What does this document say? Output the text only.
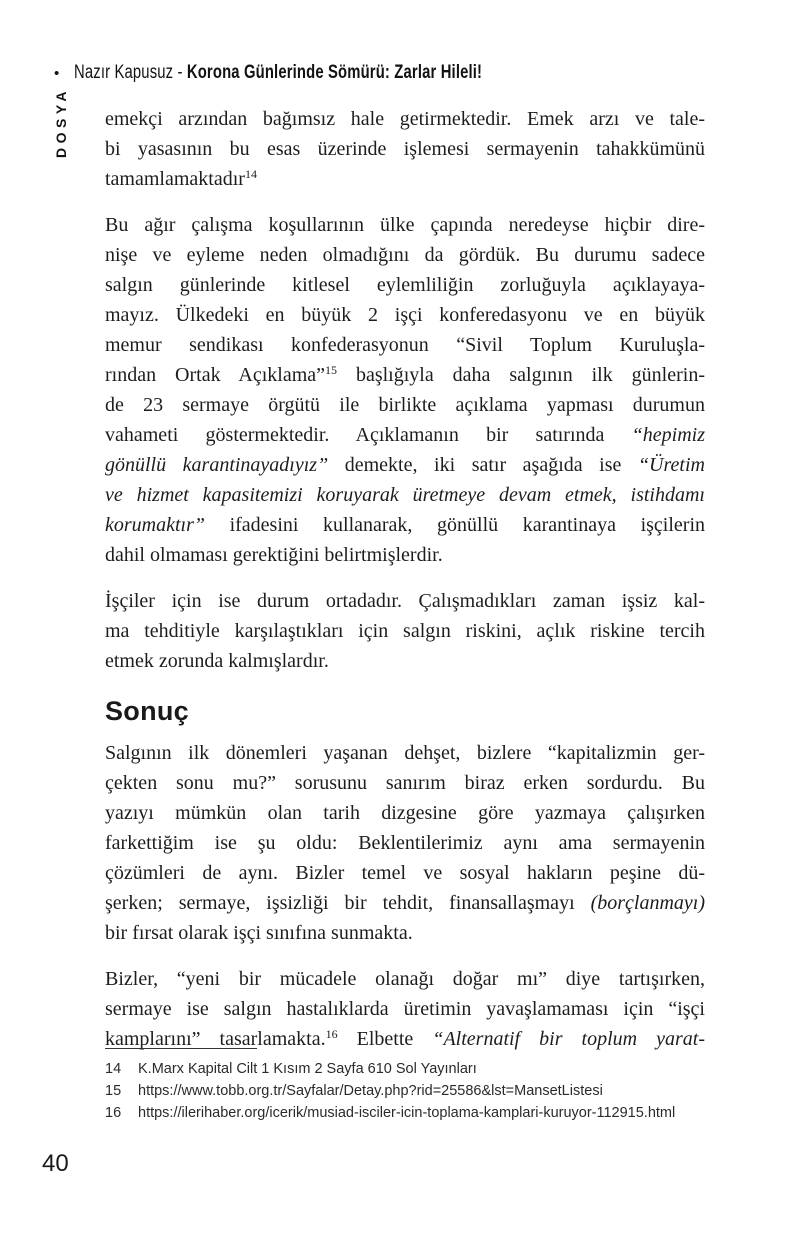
• Nazır Kapusuz - Korona Günlerinde Sömürü: Zarlar Hileli!
DOSYA emekçi arzından bağımsız hale getirmektedir. Emek arzı ve tale-
bi yasasının bu esas üzerinde işlemesi sermayenin tahakkümünü
tamamlamaktadır$^{14}$
Bu ağır çalışma koşullarının ülke çapında neredeyse hiçbir dire-
nişe ve eyleme neden olmadığını da gördük. Bu durumu sadece
salgın günlerinde kitlesel eylemliliğin zorluğuyla açıklayaya-
mayız. Ülkedeki en büyük 2 işçi konferedasyonu ve en büyük
memur sendikası konfederasyonun “Sivil Toplum Kuruluşla-
rından Ortak Açıklama”$^{15}$ başlığıyla daha salgının ilk günlerin-
de 23 sermaye örgütü ile birlikte açıklama yapması durumun
vahameti göstermektedir. Açıklamanın bir satırında “hepimiz
gönüllü karantinayadıyız” demekte, iki satır aşağıda ise “Üretim
ve hizmet kapasitemizi koruyarak üretmeye devam etmek, istihdamı
korumaktır” ifadesini kullanarak, gönüllü karantinaya işçilerin
dahil olmaması gerektiğini belirtmişlerdir.
İşçiler için ise durum ortadadır. Çalışmadıkları zaman işsiz kal-
ma tehditiyle karşılaştıkları için salgın riskini, açlık riskine tercih
etmek zorunda kalmışlardır.
Sonuç
Salgının ilk dönemleri yaşanan dehşet, bizlere “kapitalizmin ger-
çekten sonu mu?” sorusunu sanırım biraz erken sordurdu. Bu
yazıyı mümkün olan tarih dizgesine göre yazmaya çalışırken
farkettiğim ise şu oldu: Beklentilerimiz aynı ama sermayenin
çözümleri de aynı. Bizler temel ve sosyal hakların peşine dü-
şerken; sermaye, işsizliği bir tehdit, finansallaşmayı (borçlanmayı)
bir fırsat olarak işçi sınıfına sunmakta.
Bizler, “yeni bir mücadele olanağı doğar mı” diye tartışırken,
sermaye ise salgın hastalıklarda üretimin yavaşlamaması için “işçi
kamplarını” tasarlamakta.$^{16}$ Elbette “Alternatif bir toplum yarat-
14	K.Marx Kapital Cilt 1 Kısım 2 Sayfa 610 Sol Yayınları
15	https://www.tobb.org.tr/Sayfalar/Detay.php?rid=25586&lst=MansetListesi
16	https://ilerihaber.org/icerik/musiad-isciler-icin-toplama-kamplari-kuruyor-112915.html
40
